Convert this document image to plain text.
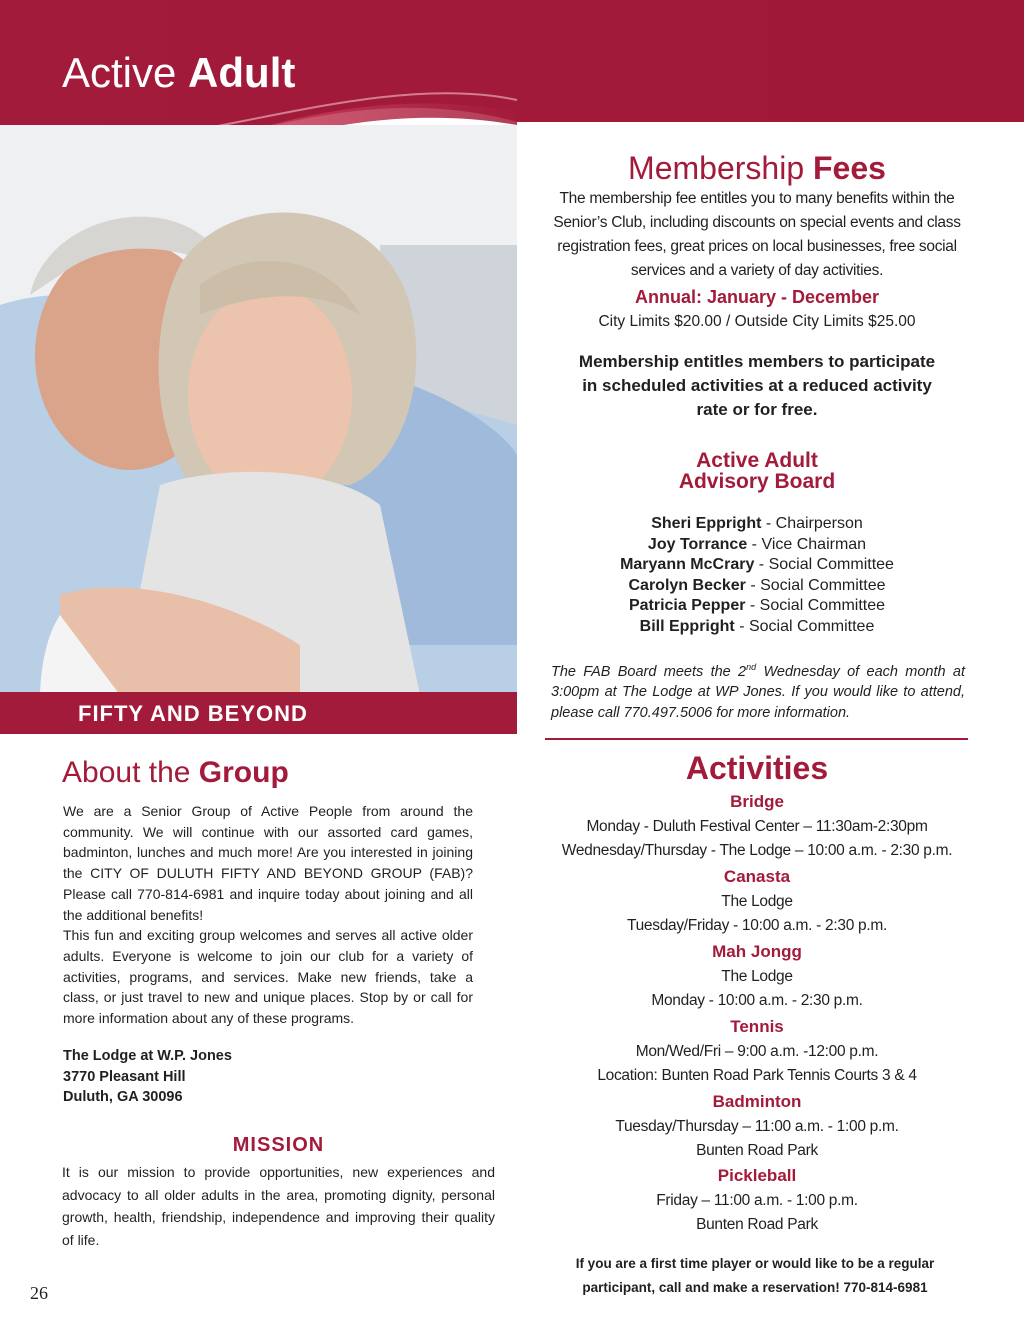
Active Adult
FIFTY AND BEYOND
Membership Fees
The membership fee entitles you to many benefits within the Senior’s Club, including discounts on special events and class registration fees, great prices on local businesses, free social services and a variety of day activities.
Annual: January - December
City Limits $20.00 / Outside City Limits $25.00
Membership entitles members to participate in scheduled activities at a reduced activity rate or for free.
Active Adult
Advisory Board
Sheri Eppright - Chairperson
Joy Torrance - Vice Chairman
Maryann McCrary - Social Committee
Carolyn Becker - Social Committee
Patricia Pepper - Social Committee
Bill Eppright - Social Committee
The FAB Board meets the 2nd Wednesday of each month at 3:00pm at The Lodge at WP Jones. If you would like to attend, please call 770.497.5006 for more information.
Activities
Bridge
Monday - Duluth Festival Center – 11:30am-2:30pm
Wednesday/Thursday - The Lodge – 10:00 a.m. - 2:30 p.m.
Canasta
The Lodge
Tuesday/Friday - 10:00 a.m. - 2:30 p.m.
Mah Jongg
The Lodge
Monday - 10:00 a.m. - 2:30 p.m.
Tennis
Mon/Wed/Fri – 9:00 a.m. -12:00 p.m.
Location: Bunten Road Park Tennis Courts 3 & 4
Badminton
Tuesday/Thursday – 11:00 a.m. - 1:00 p.m.
Bunten Road Park
Pickleball
Friday – 11:00 a.m. - 1:00 p.m.
Bunten Road Park
If you are a first time player or would like to be a regular
participant, call and make a reservation! 770-814-6981
About the Group

We are a Senior Group of Active People from around the community. We will continue with our assorted card games, badminton, lunches and much more! Are you interested in joining the CITY OF DULUTH FIFTY AND BEYOND GROUP (FAB)? Please call 770-814-6981 and inquire today about joining and all the additional benefits!

This fun and exciting group welcomes and serves all active older adults. Everyone is welcome to join our club for a variety of activities, programs, and services. Make new friends, take a class, or just travel to new and unique places. Stop by or call for more information about any of these programs.

The Lodge at W.P. Jones
3770 Pleasant Hill
Duluth, GA 30096
MISSION
It is our mission to provide opportunities, new experiences and advocacy to all older adults in the area, promoting dignity, personal growth, health, friendship, independence and improving their quality of life.
26
